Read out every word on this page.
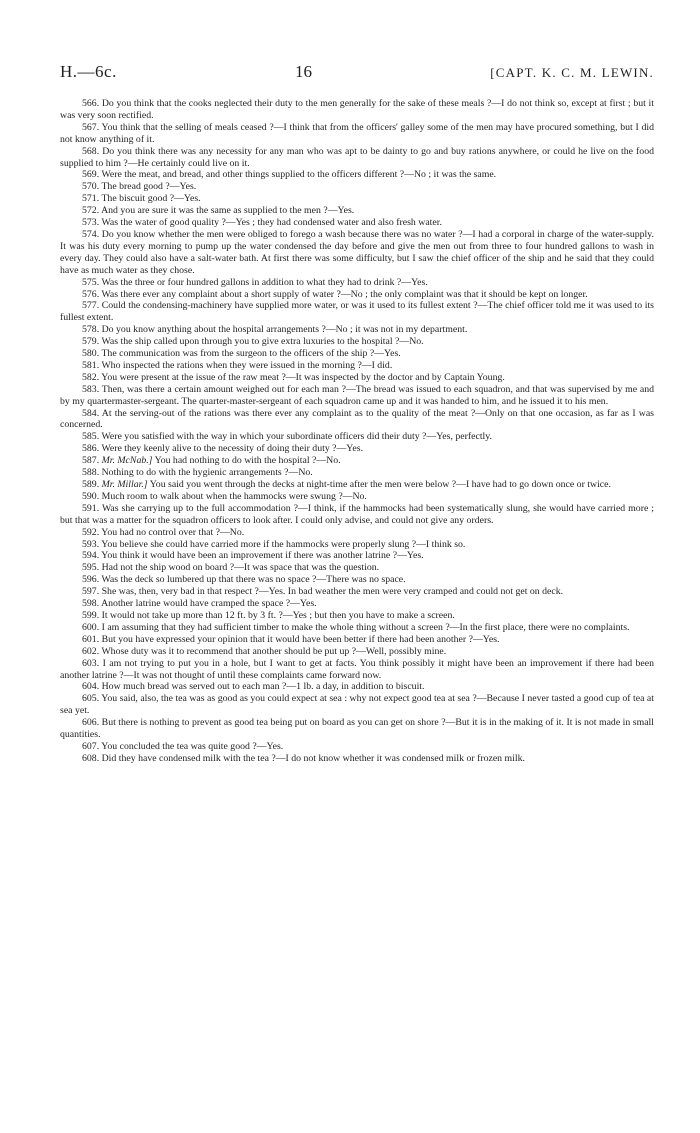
H.—6c.	16	[CAPT. K. C. M. LEWIN.

566. Do you think that the cooks neglected their duty to the men generally for the sake of these meals ?—I do not think so, except at first ; but it was very soon rectified.

567. You think that the selling of meals ceased ?—I think that from the officers' galley some of the men may have procured something, but I did not know anything of it.

568. Do you think there was any necessity for any man who was apt to be dainty to go and buy rations anywhere, or could he live on the food supplied to him ?—He certainly could live on it.

569. Were the meat, and bread, and other things supplied to the officers different ?—No ; it was the same.

570. The bread good ?—Yes.

571. The biscuit good ?—Yes.

572. And you are sure it was the same as supplied to the men ?—Yes.

573. Was the water of good quality ?—Yes ; they had condensed water and also fresh water.

574. Do you know whether the men were obliged to forego a wash because there was no water ?—I had a corporal in charge of the water-supply. It was his duty every morning to pump up the water condensed the day before and give the men out from three to four hundred gallons to wash in every day. They could also have a salt-water bath. At first there was some difficulty, but I saw the chief officer of the ship and he said that they could have as much water as they chose.

575. Was the three or four hundred gallons in addition to what they had to drink ?—Yes.

576. Was there ever any complaint about a short supply of water ?—No ; the only complaint was that it should be kept on longer.

577. Could the condensing-machinery have supplied more water, or was it used to its fullest extent ?—The chief officer told me it was used to its fullest extent.

578. Do you know anything about the hospital arrangements ?—No ; it was not in my department.

579. Was the ship called upon through you to give extra luxuries to the hospital ?—No.

580. The communication was from the surgeon to the officers of the ship ?—Yes.

581. Who inspected the rations when they were issued in the morning ?—I did.

582. You were present at the issue of the raw meat ?—It was inspected by the doctor and by Captain Young.

583. Then, was there a certain amount weighed out for each man ?—The bread was issued to each squadron, and that was supervised by me and by my quartermaster-sergeant. The quarter-master-sergeant of each squadron came up and it was handed to him, and he issued it to his men.

584. At the serving-out of the rations was there ever any complaint as to the quality of the meat ?—Only on that one occasion, as far as I was concerned.

585. Were you satisfied with the way in which your subordinate officers did their duty ?—Yes, perfectly.

586. Were they keenly alive to the necessity of doing their duty ?—Yes.

587. Mr. McNab.] You had nothing to do with the hospital ?—No.

588. Nothing to do with the hygienic arrangements ?—No.

589. Mr. Millar.] You said you went through the decks at night-time after the men were below ?—I have had to go down once or twice.

590. Much room to walk about when the hammocks were swung ?—No.

591. Was she carrying up to the full accommodation ?—I think, if the hammocks had been systematically slung, she would have carried more ; but that was a matter for the squadron officers to look after. I could only advise, and could not give any orders.

592. You had no control over that ?—No.

593. You believe she could have carried more if the hammocks were properly slung ?—I think so.

594. You think it would have been an improvement if there was another latrine ?—Yes.

595. Had not the ship wood on board ?—It was space that was the question.

596. Was the deck so lumbered up that there was no space ?—There was no space.

597. She was, then, very bad in that respect ?—Yes. In bad weather the men were very cramped and could not get on deck.

598. Another latrine would have cramped the space ?—Yes.

599. It would not take up more than 12 ft. by 3 ft. ?—Yes ; but then you have to make a screen.

600. I am assuming that they had sufficient timber to make the whole thing without a screen ?—In the first place, there were no complaints.

601. But you have expressed your opinion that it would have been better if there had been another ?—Yes.

602. Whose duty was it to recommend that another should be put up ?—Well, possibly mine.

603. I am not trying to put you in a hole, but I want to get at facts. You think possibly it might have been an improvement if there had been another latrine ?—It was not thought of until these complaints came forward now.

604. How much bread was served out to each man ?—1 lb. a day, in addition to biscuit.

605. You said, also, the tea was as good as you could expect at sea : why not expect good tea at sea ?—Because I never tasted a good cup of tea at sea yet.

606. But there is nothing to prevent as good tea being put on board as you can get on shore ?—But it is in the making of it. It is not made in small quantities.

607. You concluded the tea was quite good ?—Yes.

608. Did they have condensed milk with the tea ?—I do not know whether it was condensed milk or frozen milk.
